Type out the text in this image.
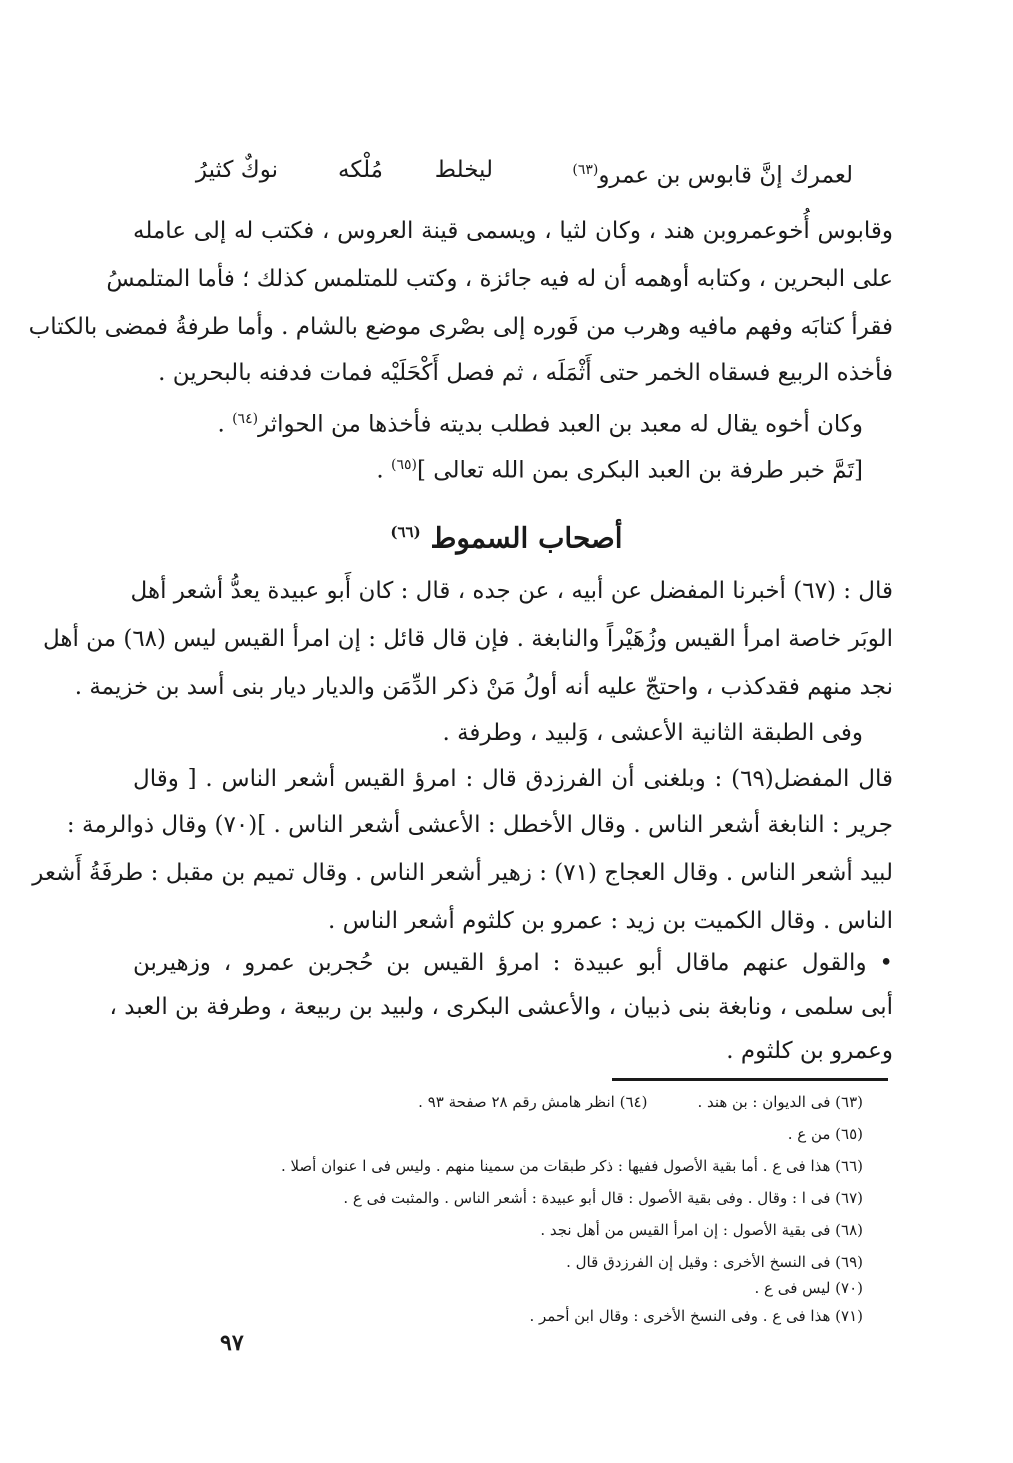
لعمرك إنَّ قابوس بن عمرو$^{(٦٣)}$
ليخلط
مُلْكه
نوكٌ كثيرُ
وقابوس أُخوعمروبن هند ، وكان لثيا ، ويسمى قينة العروس ، فكتب له إلى عامله
على البحرين ، وكتابه أوهمه أن له فيه جائزة ، وكتب للمتلمس كذلك ؛ فأما المتلمسُ
فقرأ كتابَه وفهم مافيه وهرب من فَوره إلى بصْرى موضع بالشام . وأما طرفةُ فمضى بالكتاب
فأخذه الربيع فسقاه الخمر حتى أَثْمَلَه ، ثم فصل أَكْحَلَيْه فمات فدفنه بالبحرين .
وكان أخوه يقال له معبد بن العبد فطلب بديته فأخذها من الحواثر$^{(٦٤)}$ .
[تَمَّ خبر طرفة بن العبد البكرى بمن الله تعالى ]$^{(٦٥)}$ .
أصحاب السموط $^{(٦٦)}$
قال : (٦٧) أخبرنا المفضل عن أبيه ، عن جده ، قال : كان أَبو عبيدة يعدُّ أشعر أهل
الوبَر خاصة امرأ القيس وزُهَيْراً والنابغة . فإن قال قائل : إن امرأ القيس ليس (٦٨) من أهل
نجد منهم فقدكذب ، واحتجّ عليه أنه أولُ مَنْ ذكر الدِّمَن والديار ديار بنى أسد بن خزيمة .
وفى الطبقة الثانية الأعشى ، وَلبيد ، وطرفة .
قال المفضل(٦٩) : وبلغنى أن الفرزدق قال : امرؤ القيس أشعر الناس . [ وقال
جرير : النابغة أشعر الناس . وقال الأخطل : الأعشى أشعر الناس . ](٧٠) وقال ذوالرمة :
لبيد أشعر الناس . وقال العجاج (٧١) : زهير أشعر الناس . وقال تميم بن مقبل : طرفَةُ أَشعر
الناس . وقال الكميت بن زيد : عمرو بن كلثوم أشعر الناس .
• والقول عنهم ماقال أبو عبيدة : امرؤ القيس بن حُجربن عمرو ، وزهيربن
أبى سلمى ، ونابغة بنى ذبيان ، والأعشى البكرى ، ولبيد بن ربيعة ، وطرفة بن العبد ،
وعمرو بن كلثوم .
(٦٣) فى الديوان : بن هند .(٦٤) انظر هامش رقم ٢٨ صفحة ٩٣ .
(٦٥) من ع .
(٦٦) هذا فى ع . أما بقية الأصول ففيها : ذكر طبقات من سمينا منهم . وليس فى ا عنوان أصلا .
(٦٧) فى ا : وقال . وفى بقية الأصول : قال أبو عبيدة : أشعر الناس . والمثبت فى ع .
(٦٨) فى بقية الأصول : إن امرأ القيس من أهل نجد .
(٦٩) فى النسخ الأخرى : وقيل إن الفرزدق قال .
(٧٠) ليس فى ع .
(٧١) هذا فى ع . وفى النسخ الأخرى : وقال ابن أحمر .
٩٧
